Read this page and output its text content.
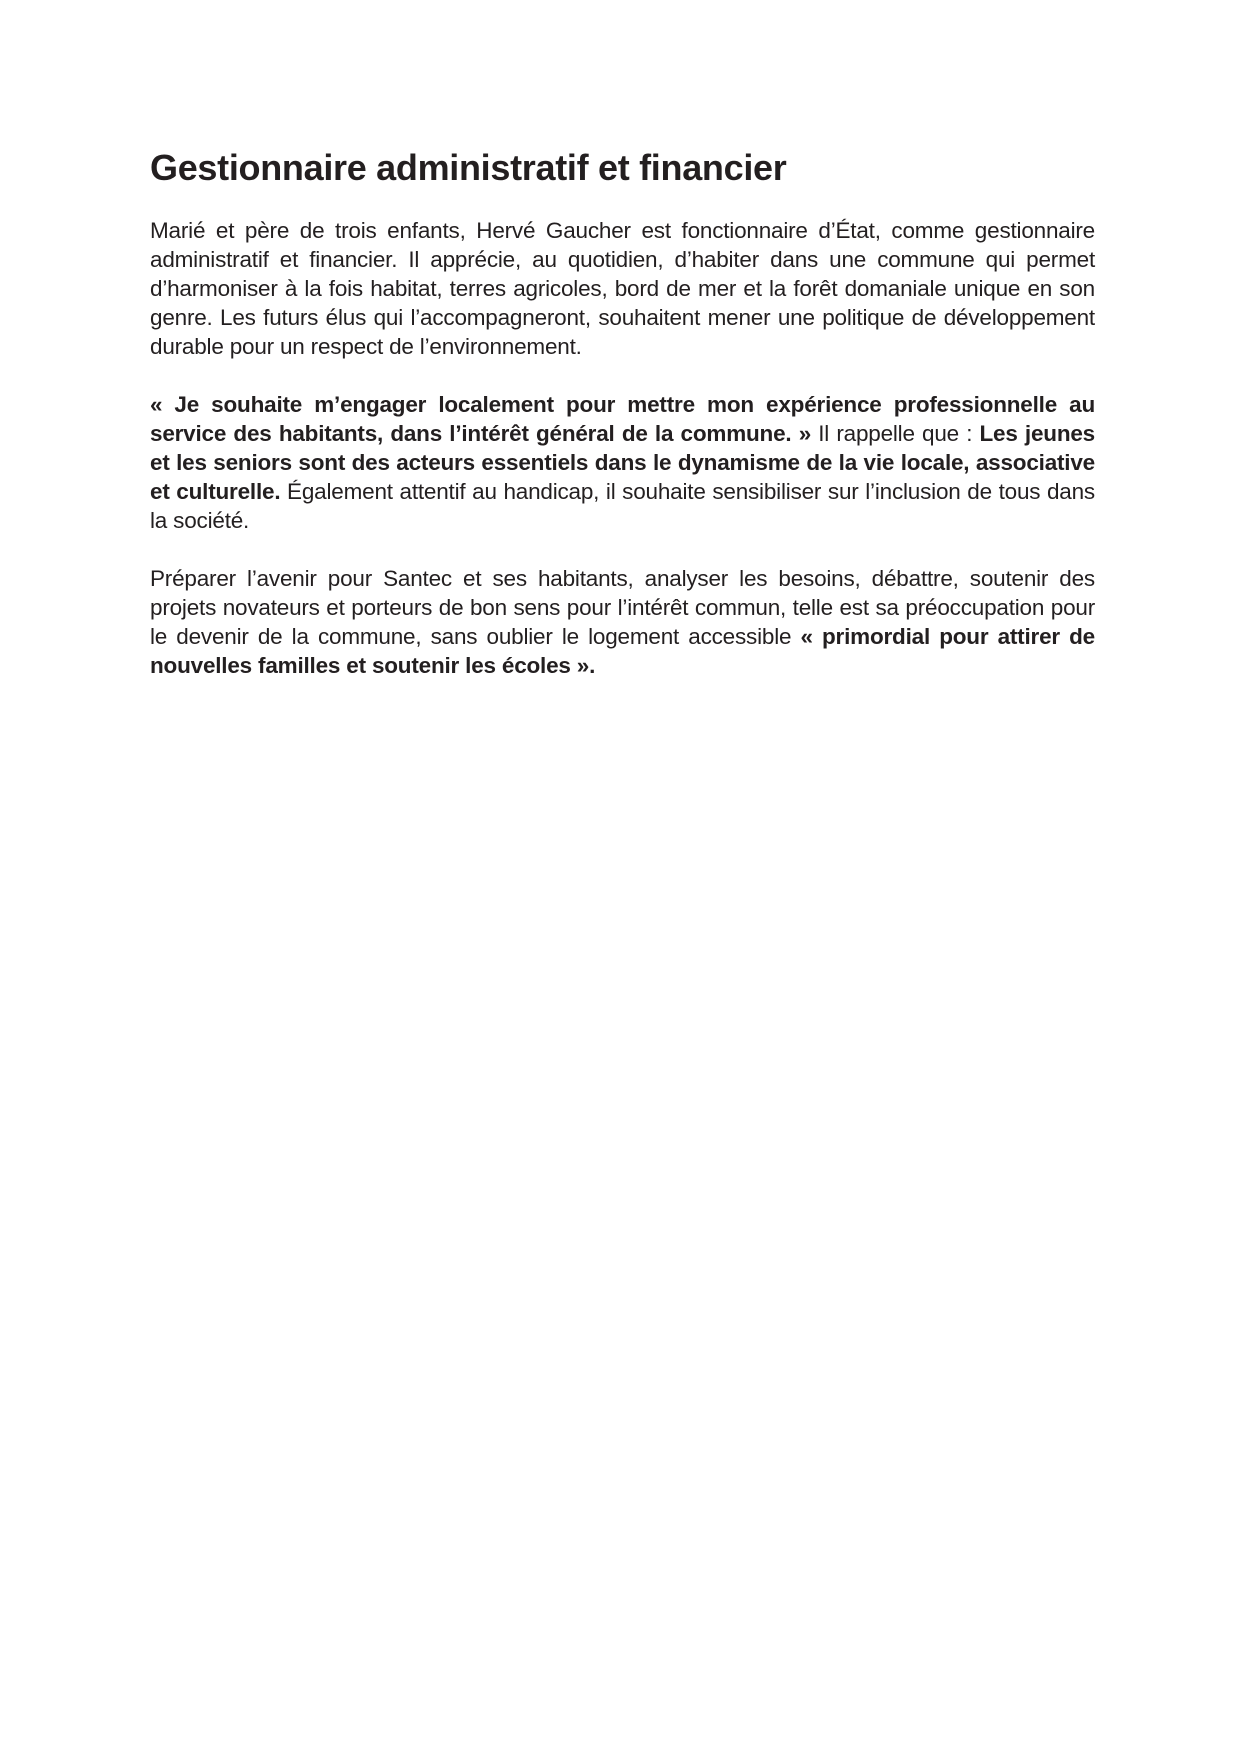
Gestionnaire administratif et financier

Marié et père de trois enfants, Hervé Gaucher est fonctionnaire d’État, comme gestionnaire administratif et financier. Il apprécie, au quotidien, d’habiter dans une commune qui permet d’harmoniser à la fois habitat, terres agricoles, bord de mer et la forêt domaniale unique en son genre. Les futurs élus qui l’accompagneront, souhaitent mener une politique de développement durable pour un respect de l’environnement.

« Je souhaite m’engager localement pour mettre mon expérience professionnelle au service des habitants, dans l’intérêt général de la commune. » Il rappelle que : Les jeunes et les seniors sont des acteurs essentiels dans le dynamisme de la vie locale, associative et culturelle. Également attentif au handicap, il souhaite sensibiliser sur l’inclusion de tous dans la société.

Préparer l’avenir pour Santec et ses habitants, analyser les besoins, débattre, soutenir des projets novateurs et porteurs de bon sens pour l’intérêt commun, telle est sa préoccupation pour le devenir de la commune, sans oublier le logement accessible « primordial pour attirer de nouvelles familles et soutenir les écoles ».
